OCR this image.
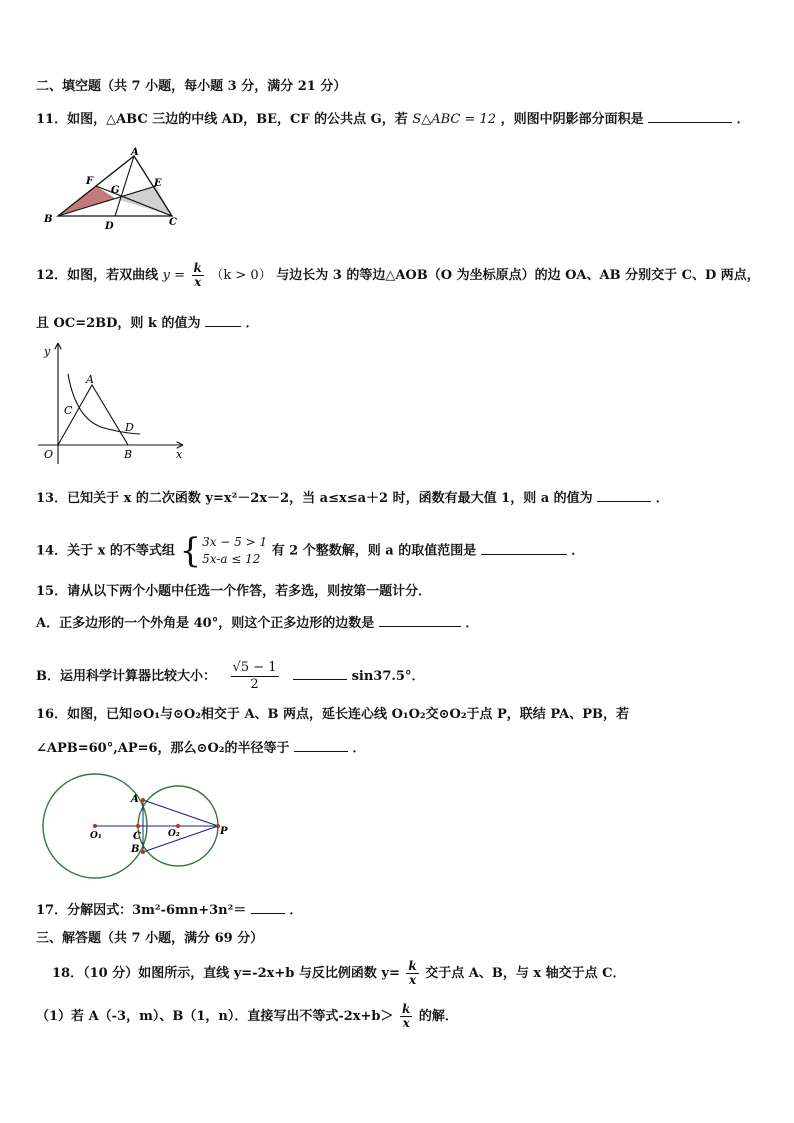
二、填空题（共 7 小题，每小题 3 分，满分 21 分）
11．如图，△ABC 三边的中线 AD，BE，CF 的公共点 G，若 S△ABC = 12 ，则图中阴影部分面积是	．
A
B	C
D
E
F
G
12．如图，若双曲线 $y = \frac{k}{x} (k > 0)$ 与边长为 3 的等边△AOB（O 为坐标原点）的边 OA、AB 分别交于 C、D 两点，
且 OC=2BD，则 k 的值为	．
y
A
C
D
O	B	x
13．已知关于 x 的二次函数 y=x²－2x－2，当 a≤x≤a＋2 时，函数有最大值 1，则 a 的值为	．
14．关于 x 的不等式组 { 3x − 5 > 1
5x-a ≤ 12
有 2 个整数解，则 a 的取值范围是	．
15．请从以下两个小题中任选一个作答，若多选，则按第一题计分．
A．正多边形的一个外角是 40°，则这个正多边形的边数是	．
B．运用科学计算器比较大小： $\frac{√5 - 1}{2}$	sin37.5°．
16．如图，已知⊙O₁与⊙O₂相交于 A、B 两点，延长连心线 O₁O₂交⊙O₂于点 P，联结 PA、PB，若
∠APB=60°,AP=6，那么⊙O₂的半径等于	．
A
B
C
O₁	O₂	P
17．分解因式：3m²-6mn+3n²＝	．
三、解答题（共 7 小题，满分 69 分）
18．（10 分）如图所示，直线 y=-2x+b 与反比例函数 $y= \frac{k}{x}$ 交于点 A、B，与 x 轴交于点 C．
（1）若 A（-3，m）、B（1，n）．直接写出不等式$-2x+b> \frac{k}{x}$ 的解．
